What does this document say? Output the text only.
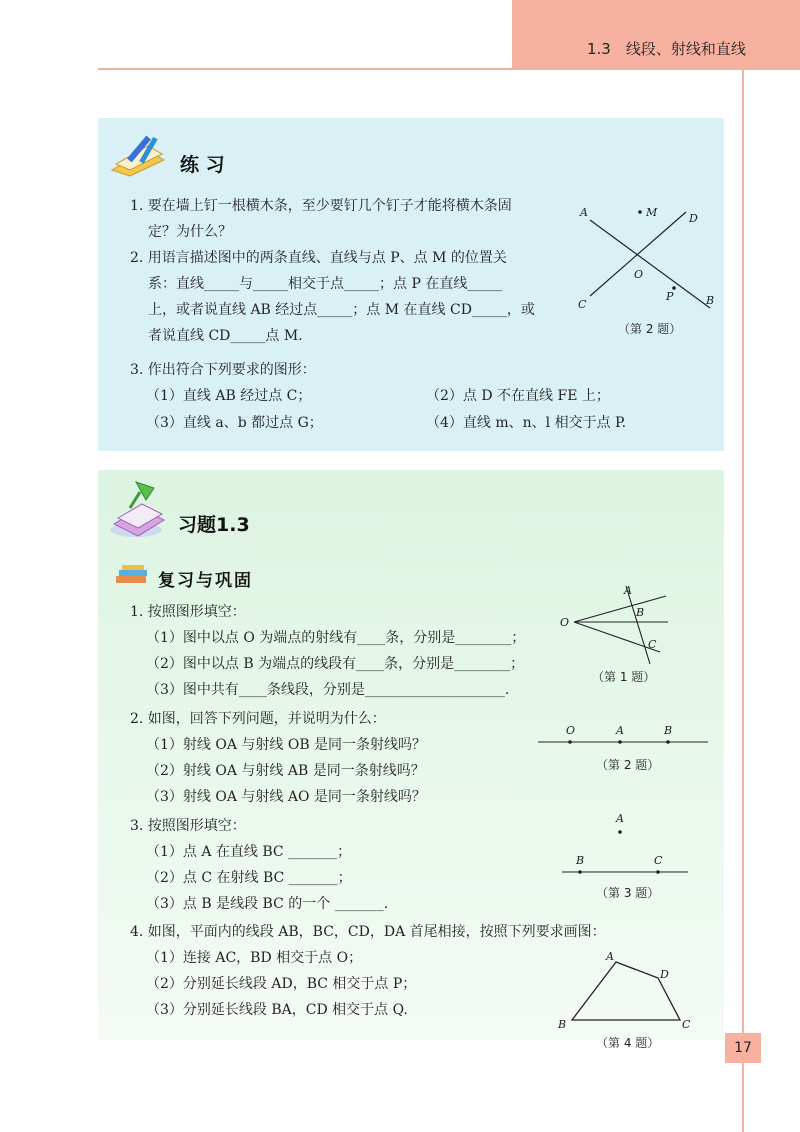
1.3　线段、射线和直线
练 习
1. 要在墙上钉一根横木条，至少要钉几个钉子才能将横木条固
定？为什么？
2. 用语言描述图中的两条直线、直线与点 P、点 M 的位置关
系：直线_____与_____相交于点_____；点 P 在直线_____
上，或者说直线 AB 经过点_____；点 M 在直线 CD_____，或
者说直线 CD_____点 M.
3. 作出符合下列要求的图形：
（1）直线 AB 经过点 C；	（2）点 D 不在直线 FE 上；
（3）直线 a、b 都过点 G；	（4）直线 m、n、l 相交于点 P.
A	M	D
O
P
C	B
（第 2 题）
习题1.3
复习与巩固
1. 按照图形填空：
（1）图中以点 O 为端点的射线有____条，分别是________；
（2）图中以点 B 为端点的线段有____条，分别是________；
（3）图中共有____条线段，分别是____________________.
2. 如图，回答下列问题，并说明为什么：
（1）射线 OA 与射线 OB 是同一条射线吗？
（2）射线 OA 与射线 AB 是同一条射线吗？
（3）射线 OA 与射线 AO 是同一条射线吗？
3. 按照图形填空：
（1）点 A 在直线 BC _______；
（2）点 C 在射线 BC _______；
（3）点 B 是线段 BC 的一个 _______.
4. 如图，平面内的线段 AB，BC，CD，DA 首尾相接，按照下列要求画图：
（1）连接 AC，BD 相交于点 O；
（2）分别延长线段 AD，BC 相交于点 P；
（3）分别延长线段 BA，CD 相交于点 Q.
O
A
B
C
（第 1 题）
O	A	B
（第 2 题）
A
B	C
（第 3 题）
A
D
C
B
（第 4 题）	17
